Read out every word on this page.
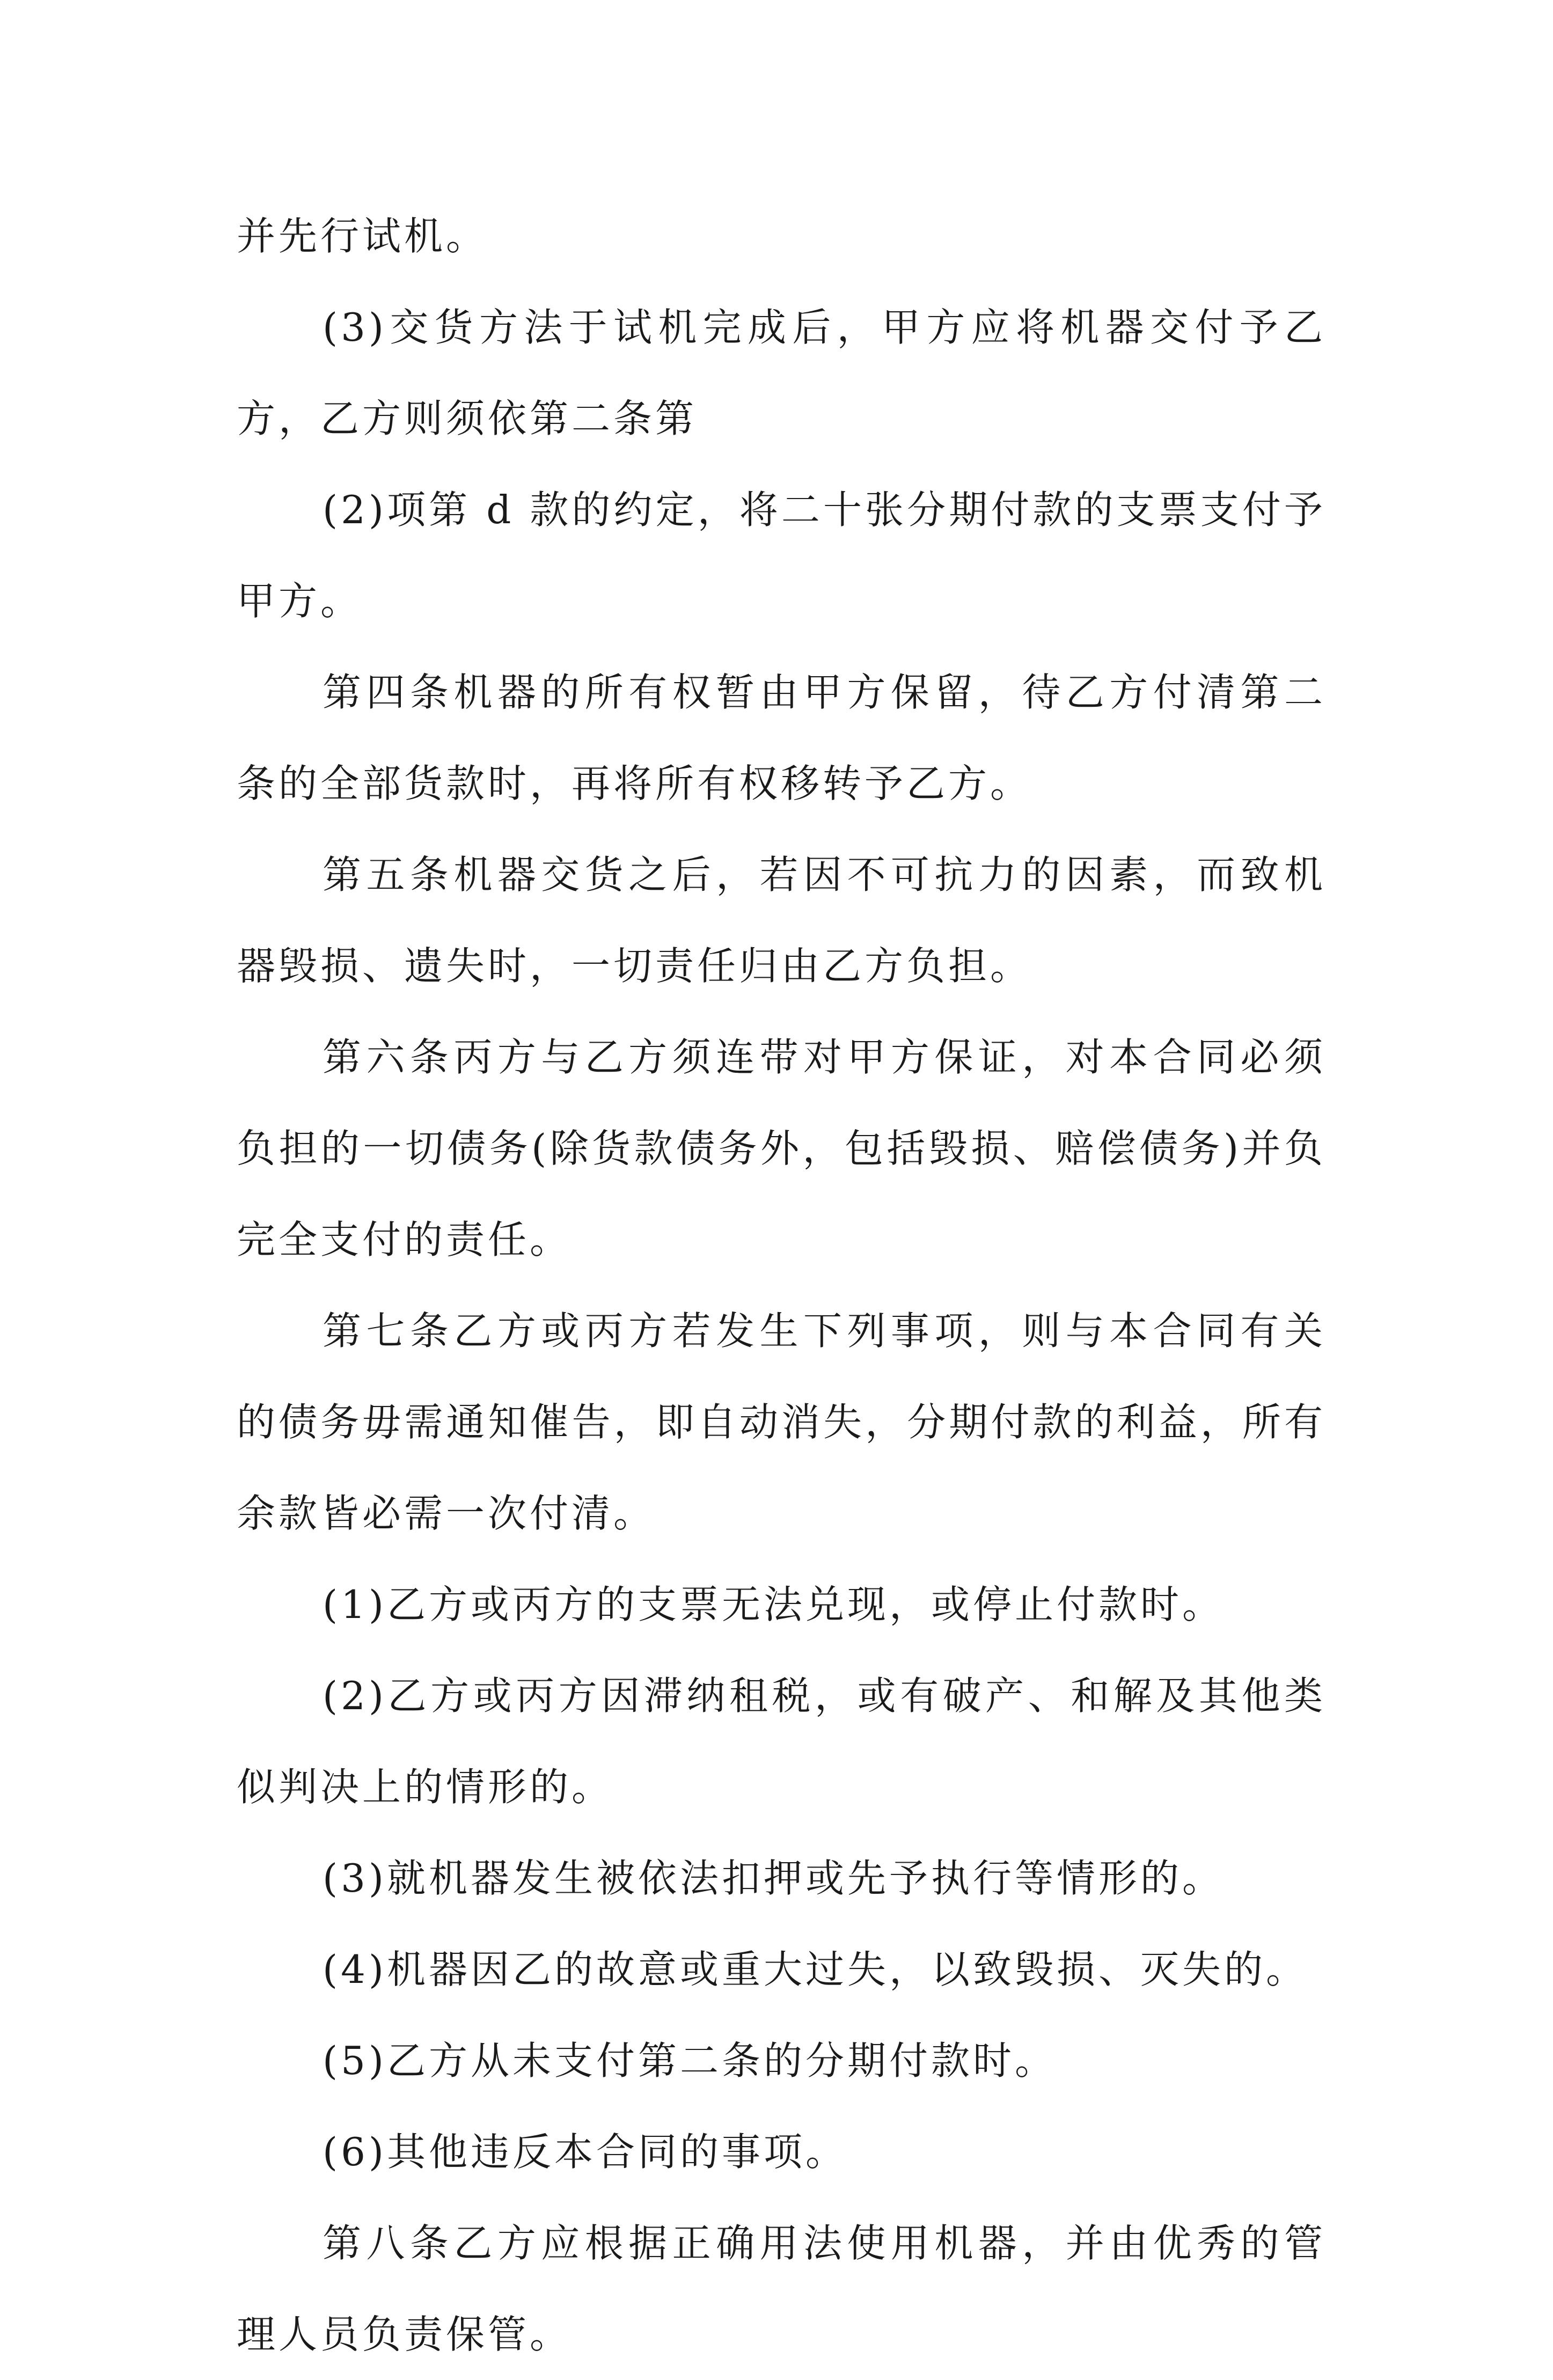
并先行试机。

(3)交货方法于试机完成后，甲方应将机器交付予乙方，乙方则须依第二条第

(2)项第 d 款的约定，将二十张分期付款的支票支付予甲方。

第四条机器的所有权暂由甲方保留，待乙方付清第二条的全部货款时，再将所有权移转予乙方。

第五条机器交货之后，若因不可抗力的因素，而致机器毁损、遗失时，一切责任归由乙方负担。

第六条丙方与乙方须连带对甲方保证，对本合同必须负担的一切债务(除货款债务外，包括毁损、赔偿债务)并负完全支付的责任。

第七条乙方或丙方若发生下列事项，则与本合同有关的债务毋需通知催告，即自动消失，分期付款的利益，所有余款皆必需一次付清。

(1)乙方或丙方的支票无法兑现，或停止付款时。

(2)乙方或丙方因滞纳租税，或有破产、和解及其他类似判决上的情形的。

(3)就机器发生被依法扣押或先予执行等情形的。

(4)机器因乙的故意或重大过失，以致毁损、灭失的。

(5)乙方从未支付第二条的分期付款时。

(6)其他违反本合同的事项。

第八条乙方应根据正确用法使用机器，并由优秀的管理人员负责保管。
